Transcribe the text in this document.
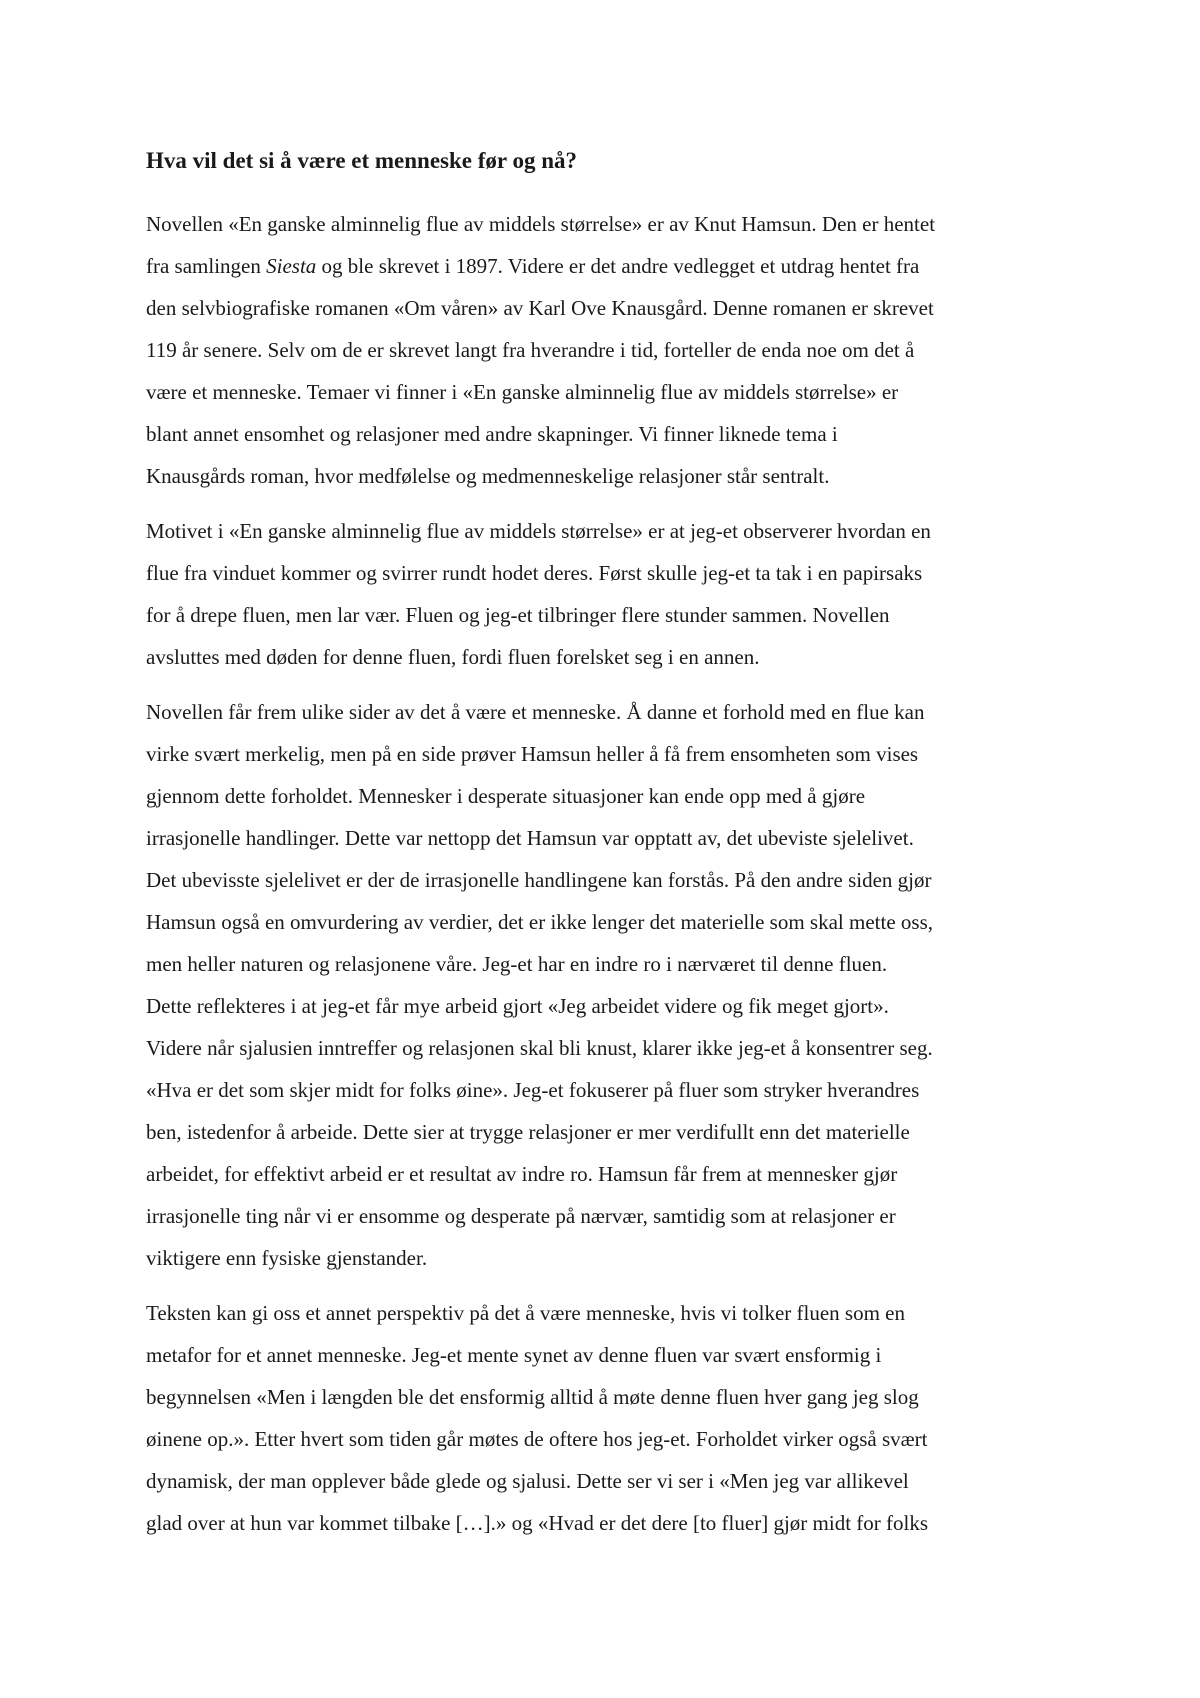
Hva vil det si å være et menneske før og nå?

Novellen «En ganske alminnelig flue av middels størrelse» er av Knut Hamsun. Den er hentet
fra samlingen Siesta og ble skrevet i 1897. Videre er det andre vedlegget et utdrag hentet fra
den selvbiografiske romanen «Om våren» av Karl Ove Knausgård. Denne romanen er skrevet
119 år senere. Selv om de er skrevet langt fra hverandre i tid, forteller de enda noe om det å
være et menneske. Temaer vi finner i «En ganske alminnelig flue av middels størrelse» er
blant annet ensomhet og relasjoner med andre skapninger. Vi finner liknede tema i
Knausgårds roman, hvor medfølelse og medmenneskelige relasjoner står sentralt.

Motivet i «En ganske alminnelig flue av middels størrelse» er at jeg-et observerer hvordan en
flue fra vinduet kommer og svirrer rundt hodet deres. Først skulle jeg-et ta tak i en papirsaks
for å drepe fluen, men lar vær. Fluen og jeg-et tilbringer flere stunder sammen. Novellen
avsluttes med døden for denne fluen, fordi fluen forelsket seg i en annen.

Novellen får frem ulike sider av det å være et menneske. Å danne et forhold med en flue kan
virke svært merkelig, men på en side prøver Hamsun heller å få frem ensomheten som vises
gjennom dette forholdet. Mennesker i desperate situasjoner kan ende opp med å gjøre
irrasjonelle handlinger. Dette var nettopp det Hamsun var opptatt av, det ubeviste sjelelivet.
Det ubevisste sjelelivet er der de irrasjonelle handlingene kan forstås. På den andre siden gjør
Hamsun også en omvurdering av verdier, det er ikke lenger det materielle som skal mette oss,
men heller naturen og relasjonene våre. Jeg-et har en indre ro i nærværet til denne fluen.
Dette reflekteres i at jeg-et får mye arbeid gjort «Jeg arbeidet videre og fik meget gjort».
Videre når sjalusien inntreffer og relasjonen skal bli knust, klarer ikke jeg-et å konsentrer seg.
«Hva er det som skjer midt for folks øine». Jeg-et fokuserer på fluer som stryker hverandres
ben, istedenfor å arbeide. Dette sier at trygge relasjoner er mer verdifullt enn det materielle
arbeidet, for effektivt arbeid er et resultat av indre ro. Hamsun får frem at mennesker gjør
irrasjonelle ting når vi er ensomme og desperate på nærvær, samtidig som at relasjoner er
viktigere enn fysiske gjenstander.

Teksten kan gi oss et annet perspektiv på det å være menneske, hvis vi tolker fluen som en
metafor for et annet menneske. Jeg-et mente synet av denne fluen var svært ensformig i
begynnelsen «Men i længden ble det ensformig alltid å møte denne fluen hver gang jeg slog
øinene op.». Etter hvert som tiden går møtes de oftere hos jeg-et. Forholdet virker også svært
dynamisk, der man opplever både glede og sjalusi. Dette ser vi ser i «Men jeg var allikevel
glad over at hun var kommet tilbake […].» og «Hvad er det dere [to fluer] gjør midt for folks
